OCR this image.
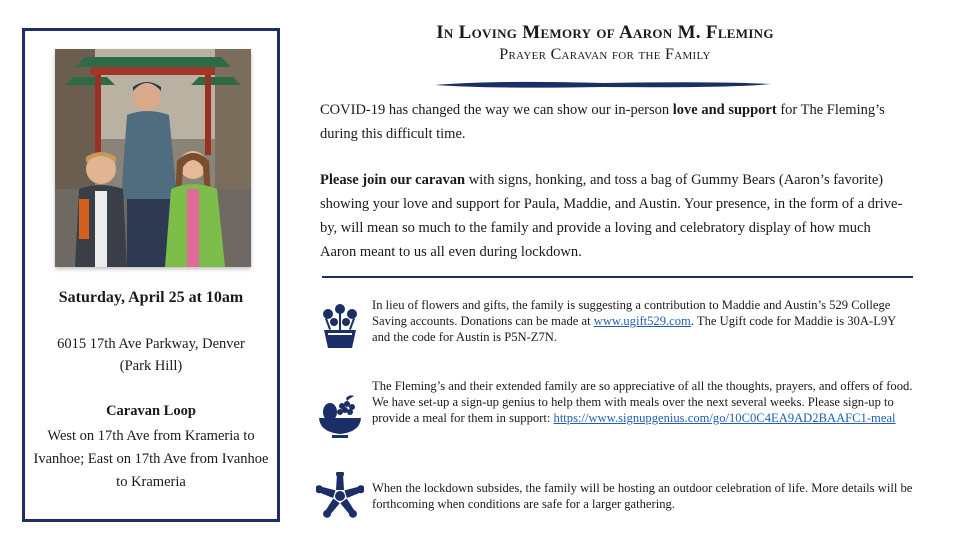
Saturday, April 25 at 10am
6015 17th Ave Parkway, Denver
(Park Hill)
Caravan Loop
West on 17th Ave from Krameria to Ivanhoe; East on 17th Ave from Ivanhoe to Krameria
In Loving Memory of Aaron M. Fleming
Prayer Caravan for the Family

COVID-19 has changed the way we can show our in-person love and support for The Fleming’s during this difficult time.

Please join our caravan with signs, honking, and toss a bag of Gummy Bears (Aaron’s favorite) showing your love and support for Paula, Maddie, and Austin. Your presence, in the form of a drive-by, will mean so much to the family and provide a loving and celebratory display of how much Aaron meant to us all even during lockdown.

In lieu of flowers and gifts, the family is suggesting a contribution to Maddie and Austin’s 529 College Saving accounts. Donations can be made at www.ugift529.com. The Ugift code for Maddie is 30A-L9Y and the code for Austin is P5N-Z7N.

The Fleming’s and their extended family are so appreciative of all the thoughts, prayers, and offers of food. We have set-up a sign-up genius to help them with meals over the next several weeks. Please sign-up to provide a meal for them in support: https://www.signupgenius.com/go/10C0C4EA9AD2BAAFC1-meal

When the lockdown subsides, the family will be hosting an outdoor celebration of life. More details will be forthcoming when conditions are safe for a larger gathering.
